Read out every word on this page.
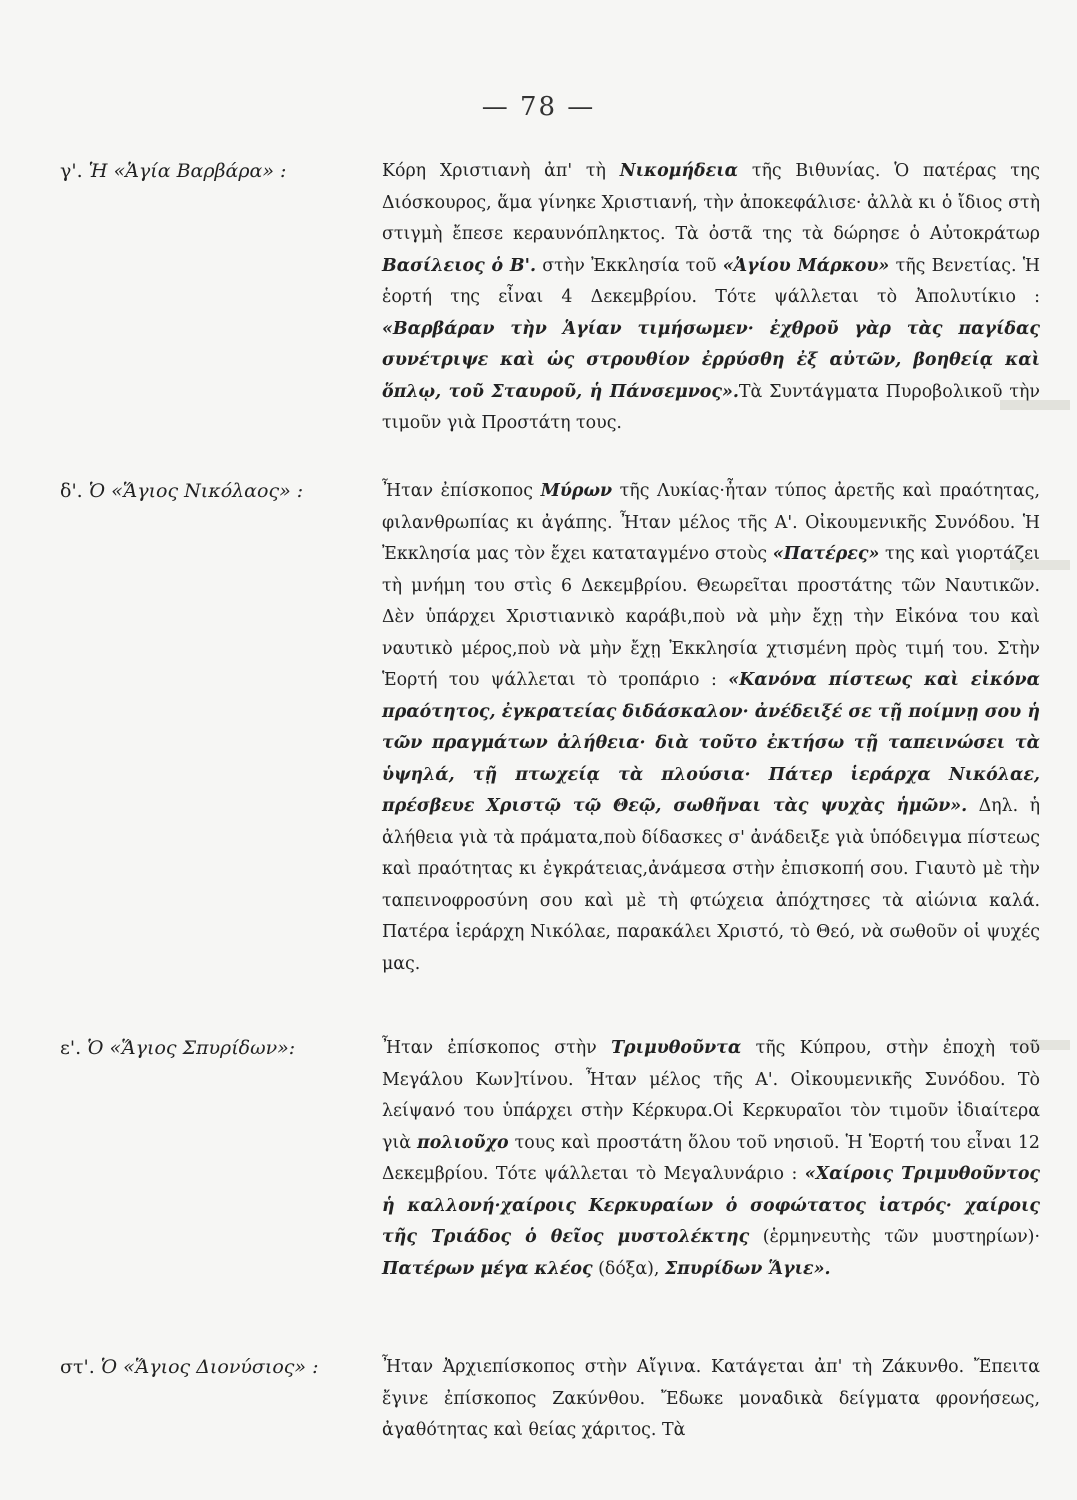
— 78 —
γ'. Ἡ «Ἁγία Βαρβάρα» :	Κόρη Χριστιανὴ ἀπ' τὴ Νικομήδεια τῆς Βιθυνίας. Ὁ πατέρας της Διόσκουρος, ἅμα γίνηκε Χριστιανή, τὴν ἀποκεφάλισε· ἀλλὰ κι ὁ ἴδιος στὴ στιγμὴ ἔπεσε κεραυνόπληκτος. Τὰ ὀστᾶ της τὰ δώρησε ὁ Αὐτοκράτωρ Βασίλειος ὁ Β'. στὴν Ἐκκλησία τοῦ «Ἁγίου Μάρκου» τῆς Βενετίας. Ἡ ἑορτή της εἶναι 4 Δεκεμβρίου. Τότε ψάλλεται τὸ Ἀπολυτίκιο : «Βαρβάραν τὴν Ἁγίαν τιμήσωμεν· ἐχθροῦ γὰρ τὰς παγίδας συνέτριψε καὶ ὡς στρουθίον ἐρρύσθη ἐξ αὐτῶν, βοηθείᾳ καὶ ὅπλῳ, τοῦ Σταυροῦ, ἡ Πάνσεμνος».Τὰ Συντάγματα Πυροβολικοῦ τὴν τιμοῦν γιὰ Προστάτη τους.

δ'. Ὁ «Ἅγιος Νικόλαος» :	Ἦταν ἐπίσκοπος Μύρων τῆς Λυκίας·ἦταν τύπος ἀρετῆς καὶ πραότητας, φιλανθρωπίας κι ἀγάπης. Ἦταν μέλος τῆς Α'. Οἰκουμενικῆς Συνόδου. Ἡ Ἐκκλησία μας τὸν ἔχει καταταγμένο στοὺς «Πατέρες» της καὶ γιορτάζει τὴ μνήμη του στὶς 6 Δεκεμβρίου. Θεωρεῖται προστάτης τῶν Ναυτικῶν. Δὲν ὑπάρχει Χριστιανικὸ καράβι,ποὺ νὰ μὴν ἔχῃ τὴν Εἰκόνα του καὶ ναυτικὸ μέρος,ποὺ νὰ μὴν ἔχῃ Ἐκκλησία χτισμένη πρὸς τιμή του. Στὴν Ἑορτή του ψάλλεται τὸ τροπάριο : «Κανόνα πίστεως καὶ εἰκόνα πραότητος, ἐγκρατείας διδάσκαλον· ἀνέδειξέ σε τῇ ποίμνῃ σου ἡ τῶν πραγμάτων ἀλήθεια· διὰ τοῦτο ἐκτήσω τῇ ταπεινώσει τὰ ὑψηλά, τῇ πτωχείᾳ τὰ πλούσια· Πάτερ ἱεράρχα Νικόλαε, πρέσβευε Χριστῷ τῷ Θεῷ, σωθῆναι τὰς ψυχὰς ἡμῶν». Δηλ. ἡ ἀλήθεια γιὰ τὰ πράματα,ποὺ δίδασκες σ' ἀνάδειξε γιὰ ὑπόδειγμα πίστεως καὶ πραότητας κι ἐγκράτειας,ἀνάμεσα στὴν ἐπισκοπή σου. Γιαυτὸ μὲ τὴν ταπεινοφροσύνη σου καὶ μὲ τὴ φτώχεια ἀπόχτησες τὰ αἰώνια καλά. Πατέρα ἱεράρχη Νικόλαε, παρακάλει Χριστό, τὸ Θεό, νὰ σωθοῦν οἱ ψυχές μας.

ε'. Ὁ «Ἅγιος Σπυρίδων»:	Ἦταν ἐπίσκοπος στὴν Τριμυθοῦντα τῆς Κύπρου, στὴν ἐποχὴ τοῦ Μεγάλου Κων]τίνου. Ἦταν μέλος τῆς Α'. Οἰκουμενικῆς Συνόδου. Τὸ λείψανό του ὑπάρχει στὴν Κέρκυρα.Οἱ Κερκυραῖοι τὸν τιμοῦν ἰδιαίτερα γιὰ πολιοῦχο τους καὶ προστάτη ὅλου τοῦ νησιοῦ. Ἡ Ἑορτή του εἶναι 12 Δεκεμβρίου. Τότε ψάλλεται τὸ Μεγαλυνάριο : «Χαίροις Τριμυθοῦντος ἡ καλλονή·χαίροις Κερκυραίων ὁ σοφώτατος ἰατρός· χαίροις τῆς Τριάδος ὁ θεῖος μυστολέκτης (ἑρμηνευτὴς τῶν μυστηρίων)· Πατέρων μέγα κλέος (δόξα), Σπυρίδων Ἅγιε».

στ'. Ὁ «Ἅγιος Διονύσιος» :	Ἦταν Ἀρχιεπίσκοπος στὴν Αἴγινα. Κατάγεται ἀπ' τὴ Ζάκυνθο. Ἔπειτα ἔγινε ἐπίσκοπος Ζακύνθου. Ἔδωκε μοναδικὰ δείγματα φρονήσεως, ἀγαθότητας καὶ θείας χάριτος. Τὰ
